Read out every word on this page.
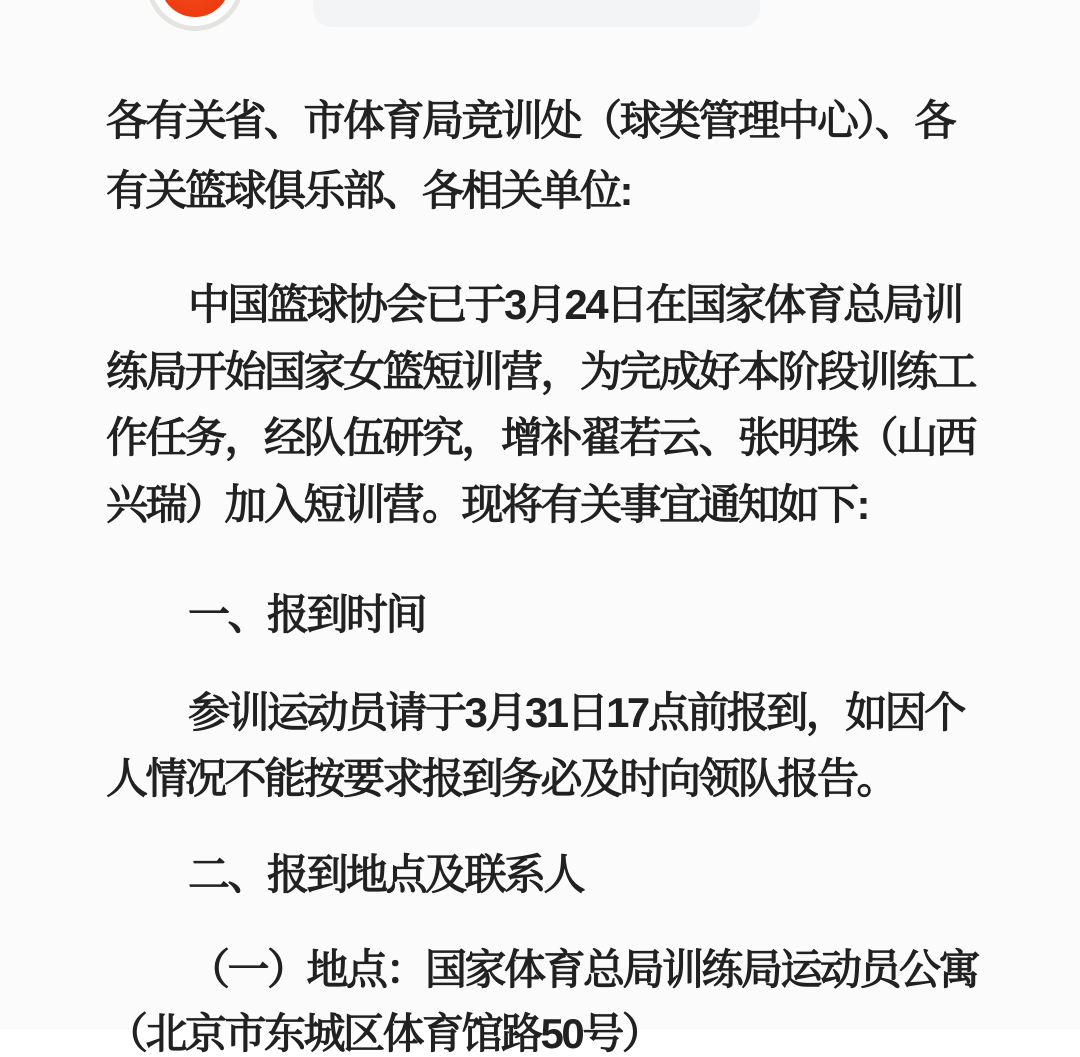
各有关省、市体育局竞训处（球类管理中心）、各
有关篮球俱乐部、各相关单位:
中国篮球协会已于3月24日在国家体育总局训
练局开始国家女篮短训营，为完成好本阶段训练工
作任务，经队伍研究，增补翟若云、张明珠（山西
兴瑞）加入短训营。现将有关事宜通知如下:
一、报到时间
参训运动员请于3月31日17点前报到，如因个
人情况不能按要求报到务必及时向领队报告。
二、报到地点及联系人
（一）地点：国家体育总局训练局运动员公寓
（北京市东城区体育馆路50号）
